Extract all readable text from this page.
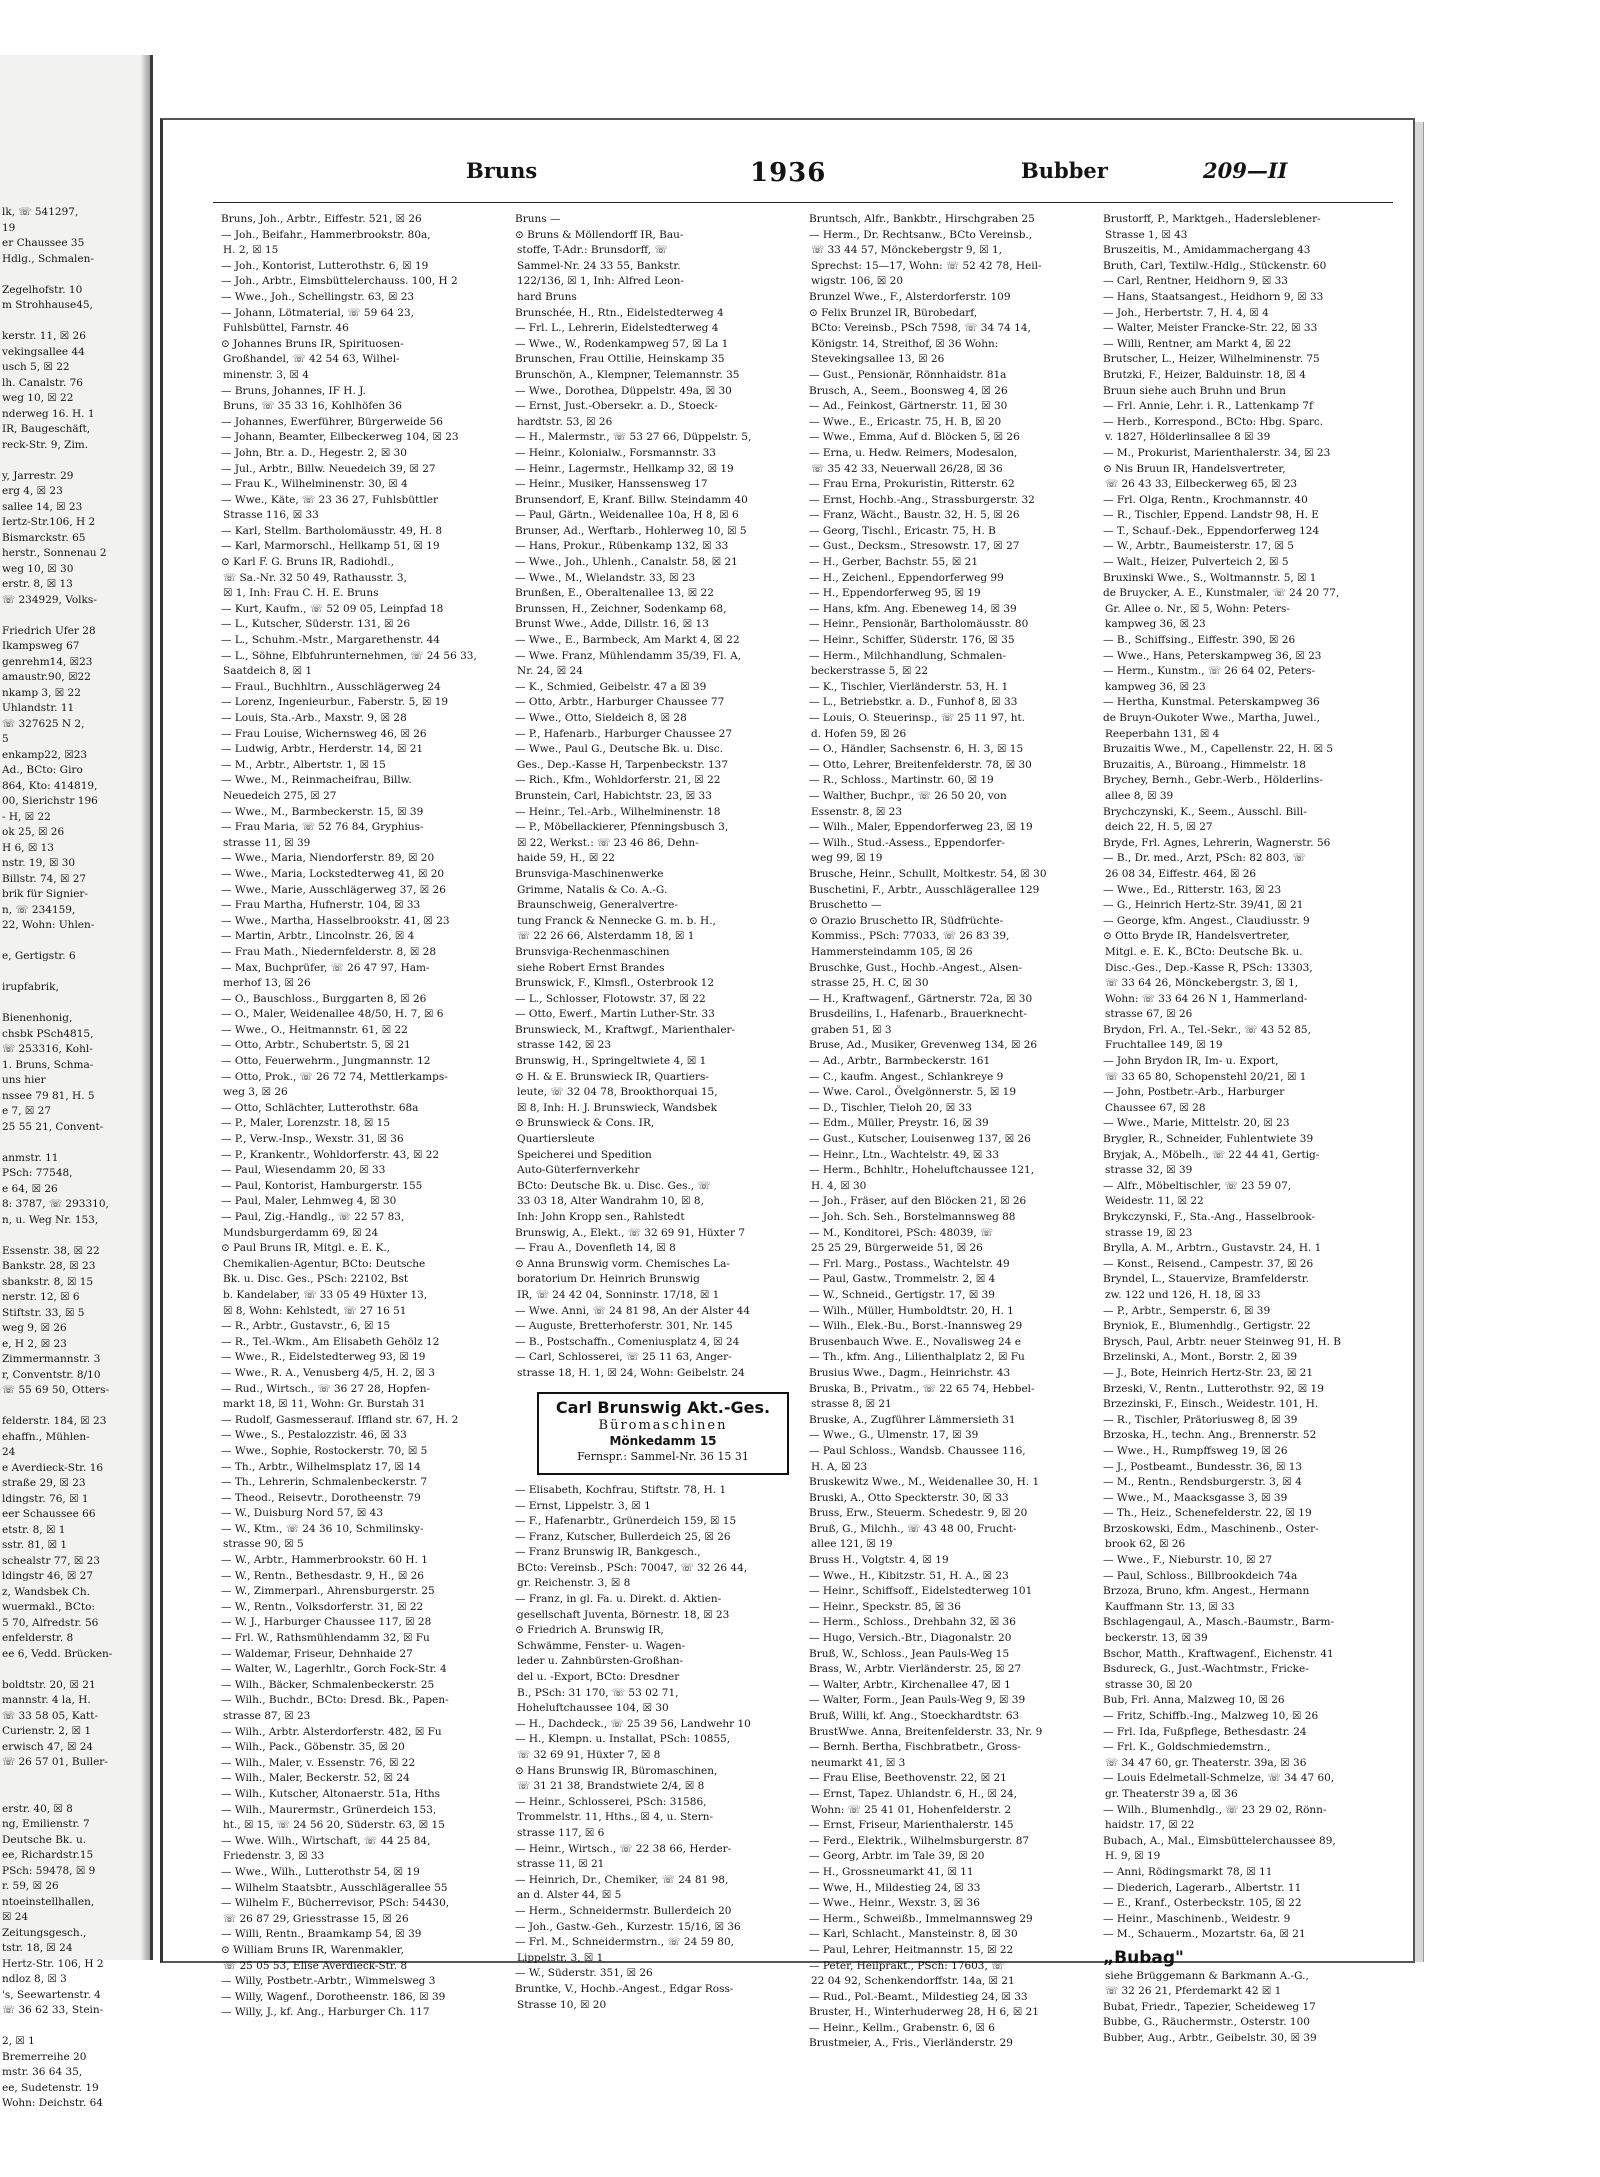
lk, ☏ 541297,
19
er Chaussee 35
Hdlg., Schmalen-

Zegelhofstr. 10
m Strohhause45,

kerstr. 11, ☒ 26
vekingsallee 44
usch 5, ☒ 22
lh. Canalstr. 76
weg 10, ☒ 22
nderweg 16. H. 1
IR, Baugeschäft,
reck-Str. 9, Zim.

y, Jarrestr. 29
erg 4, ☒ 23
sallee 14, ☒ 23
Iertz-Str.106, H 2
Bismarckstr. 65
herstr., Sonnenau 2
weg 10, ☒ 30
erstr. 8, ☒ 13
☏ 234929, Volks-

Friedrich Ufer 28
Ikampsweg 67
genrehm14, ☒23
amaustr.90, ☒22
nkamp 3, ☒ 22
Uhlandstr. 11
☏ 327625 N 2,
5
enkamp22, ☒23
Ad., BCto: Giro
864, Kto: 414819,
00, Sierichstr 196
- H, ☒ 22
ok 25, ☒ 26
H 6, ☒ 13
nstr. 19, ☒ 30
Billstr. 74, ☒ 27
brik für Signier-
n, ☏ 234159,
22, Wohn: Uhlen-

e, Gertigstr. 6

irupfabrik,

Bienenhonig,
chsbk PSch4815,
☏ 253316, Kohl-
1. Bruns, Schma-
uns hier
nssee 79 81, H. 5
e 7, ☒ 27
25 55 21, Convent-

anmstr. 11
PSch: 77548,
e 64, ☒ 26
8: 3787, ☏ 293310,
n, u. Weg Nr. 153,

Essenstr. 38, ☒ 22
Bankstr. 28, ☒ 23
sbankstr. 8, ☒ 15
nerstr. 12, ☒ 6
Stiftstr. 33, ☒ 5
weg 9, ☒ 26
e, H 2, ☒ 23
Zimmermannstr. 3
r, Conventstr. 8/10
☏ 55 69 50, Otters-

felderstr. 184, ☒ 23
ehaffn., Mühlen-
24
e Averdieck-Str. 16
straße 29, ☒ 23
ldingstr. 76, ☒ 1
eer Schaussee 66
etstr. 8, ☒ 1
sstr. 81, ☒ 1
schealstr 77, ☒ 23
ldingstr 46, ☒ 27
z, Wandsbek Ch.
wuermakl., BCto:
5 70, Alfredstr. 56
enfelderstr. 8
ee 6, Vedd. Brücken-

boldtstr. 20, ☒ 21
mannstr. 4 la, H.
☏ 33 58 05, Katt-
Curienstr. 2, ☒ 1
erwisch 47, ☒ 24
☏ 26 57 01, Buller-

erstr. 40, ☒ 8
ng, Emilienstr. 7
Deutsche Bk. u.
ee, Richardstr.15
PSch: 59478, ☒ 9
r. 59, ☒ 26
ntoeinstellhallen,
☒ 24
Zeitungsgesch.,
tstr. 18, ☒ 24
Hertz-Str. 106, H 2
ndloz 8, ☒ 3
's, Seewartenstr. 4
☏ 36 62 33, Stein-

2, ☒ 1
Bremerreihe 20
mstr. 36 64 35,
ee, Sudetenstr. 19
Wohn: Deichstr. 64
Bruns	1936	Bubber	209—II

Bruns, Joh., Arbtr., Eiffestr. 521, ☒ 26

— Joh., Beifahr., Hammerbrookstr. 80a,

H. 2, ☒ 15

— Joh., Kontorist, Lutterothstr. 6, ☒ 19

— Joh., Arbtr., Eimsbüttelerchauss. 100, H 2

— Wwe., Joh., Schellingstr. 63, ☒ 23

— Johann, Lötmaterial, ☏ 59 64 23,

Fuhlsbüttel, Farnstr. 46

⊙ Johannes Bruns IR, Spirituosen-

Großhandel, ☏ 42 54 63, Wilhel-

minenstr. 3, ☒ 4

— Bruns, Johannes, IF H. J.

Bruns, ☏ 35 33 16, Kohlhöfen 36

— Johannes, Ewerführer, Bürgerweide 56

— Johann, Beamter, Eilbeckerweg 104, ☒ 23

— John, Btr. a. D., Hegestr. 2, ☒ 30

— Jul., Arbtr., Billw. Neuedeich 39, ☒ 27

— Frau K., Wilhelminenstr. 30, ☒ 4

— Wwe., Käte, ☏ 23 36 27, Fuhlsbüttler

Strasse 116, ☒ 33

— Karl, Stellm. Bartholomäusstr. 49, H. 8

— Karl, Marmorschl., Hellkamp 51, ☒ 19

⊙ Karl F. G. Bruns IR, Radiohdl.,

☏ Sa.-Nr. 32 50 49, Rathausstr. 3,

☒ 1, Inh: Frau C. H. E. Bruns

— Kurt, Kaufm., ☏ 52 09 05, Leinpfad 18

— L., Kutscher, Süderstr. 131, ☒ 26

— L., Schuhm.-Mstr., Margarethenstr. 44

— L., Söhne, Elbfuhrunternehmen, ☏ 24 56 33,

Saatdeich 8, ☒ 1

— Fraul., Buchhltrn., Ausschlägerweg 24

— Lorenz, Ingenieurbur., Faberstr. 5, ☒ 19

— Louis, Sta.-Arb., Maxstr. 9, ☒ 28

— Frau Louise, Wichernsweg 46, ☒ 26

— Ludwig, Arbtr., Herderstr. 14, ☒ 21

— M., Arbtr., Albertstr. 1, ☒ 15

— Wwe., M., Reinmacheifrau, Billw.

Neuedeich 275, ☒ 27

— Wwe., M., Barmbeckerstr. 15, ☒ 39

— Frau Maria, ☏ 52 76 84, Gryphius-

strasse 11, ☒ 39

— Wwe., Maria, Niendorferstr. 89, ☒ 20

— Wwe., Maria, Lockstedterweg 41, ☒ 20

— Wwe., Marie, Ausschlägerweg 37, ☒ 26

— Frau Martha, Hufnerstr. 104, ☒ 33

— Wwe., Martha, Hasselbrookstr. 41, ☒ 23

— Martin, Arbtr., Lincolnstr. 26, ☒ 4

— Frau Math., Niedernfelderstr. 8, ☒ 28

— Max, Buchprüfer, ☏ 26 47 97, Ham-

merhof 13, ☒ 26

— O., Bauschloss., Burggarten 8, ☒ 26

— O., Maler, Weidenallee 48/50, H. 7, ☒ 6

— Wwe., O., Heitmannstr. 61, ☒ 22

— Otto, Arbtr., Schubertstr. 5, ☒ 21

— Otto, Feuerwehrm., Jungmannstr. 12

— Otto, Prok., ☏ 26 72 74, Mettlerkamps-

weg 3, ☒ 26

— Otto, Schlächter, Lutterothstr. 68a

— P., Maler, Lorenzstr. 18, ☒ 15

— P., Verw.-Insp., Wexstr. 31, ☒ 36

— P., Krankentr., Wohldorferstr. 43, ☒ 22

— Paul, Wiesendamm 20, ☒ 33

— Paul, Kontorist, Hamburgerstr. 155

— Paul, Maler, Lehmweg 4, ☒ 30

— Paul, Zig.-Handlg., ☏ 22 57 83,

Mundsburgerdamm 69, ☒ 24

⊙ Paul Bruns IR, Mitgl. e. E. K.,

Chemikalien-Agentur, BCto: Deutsche

Bk. u. Disc. Ges., PSch: 22102, Bst

b. Kandelaber, ☏ 33 05 49 Hüxter 13,

☒ 8, Wohn: Kehlstedt, ☏ 27 16 51

— R., Arbtr., Gustavstr., 6, ☒ 15

— R., Tel.-Wkm., Am Elisabeth Gehölz 12

— Wwe., R., Eidelstedterweg 93, ☒ 19

— Wwe., R. A., Venusberg 4/5, H. 2, ☒ 3

— Rud., Wirtsch., ☏ 36 27 28, Hopfen-

markt 18, ☒ 11, Wohn: Gr. Burstah 31

— Rudolf, Gasmesserauf. Iffland str. 67, H. 2

— Wwe., S., Pestalozzistr. 46, ☒ 33

— Wwe., Sophie, Rostockerstr. 70, ☒ 5

— Th., Arbtr., Wilhelmsplatz 17, ☒ 14

— Th., Lehrerin, Schmalenbeckerstr. 7

— Theod., Reisevtr., Dorotheenstr. 79

— W., Duisburg Nord 57, ☒ 43

— W., Ktm., ☏ 24 36 10, Schmilinsky-

strasse 90, ☒ 5

— W., Arbtr., Hammerbrookstr. 60 H. 1

— W., Rentn., Bethesdastr. 9, H., ☒ 26

— W., Zimmerparl., Ahrensburgerstr. 25

— W., Rentn., Volksdorferstr. 31, ☒ 22

— W. J., Harburger Chaussee 117, ☒ 28

— Frl. W., Rathsmühlendamm 32, ☒ Fu

— Waldemar, Friseur, Dehnhaide 27

— Walter, W., Lagerhltr., Gorch Fock-Str. 4

— Wilh., Bäcker, Schmalenbeckerstr. 25

— Wilh., Buchdr., BCto: Dresd. Bk., Papen-

strasse 87, ☒ 23

— Wilh., Arbtr. Alsterdorferstr. 482, ☒ Fu

— Wilh., Pack., Göbenstr. 35, ☒ 20

— Wilh., Maler, v. Essenstr. 76, ☒ 22

— Wilh., Maler, Beckerstr. 52, ☒ 24

— Wilh., Kutscher, Altonaerstr. 51a, Hths

— Wilh., Maurermstr., Grünerdeich 153,

ht., ☒ 15, ☏ 24 56 20, Süderstr. 63, ☒ 15

— Wwe. Wilh., Wirtschaft, ☏ 44 25 84,

Friedenstr. 3, ☒ 33

— Wwe., Wilh., Lutterothstr 54, ☒ 19

— Wilhelm Staatsbtr., Ausschlägerallee 55

— Wilhelm F., Bücherrevisor, PSch: 54430,

☏ 26 87 29, Griesstrasse 15, ☒ 26

— Willi, Rentn., Braamkamp 54, ☒ 39

⊙ William Bruns IR, Warenmakler,

☏ 25 05 53, Elise Averdieck-Str. 8

— Willy, Postbetr.-Arbtr., Wimmelsweg 3

— Willy, Wagenf., Dorotheenstr. 186, ☒ 39

— Willy, J., kf. Ang., Harburger Ch. 117

Bruns —

⊙ Bruns & Möllendorff IR, Bau-

stoffe, T-Adr.: Brunsdorff, ☏

Sammel-Nr. 24 33 55, Bankstr.

122/136, ☒ 1, Inh: Alfred Leon-

hard Bruns

Brunschée, H., Rtn., Eidelstedterweg 4

— Frl. L., Lehrerin, Eidelstedterweg 4

— Wwe., W., Rodenkampweg 57, ☒ La 1

Brunschen, Frau Ottilie, Heinskamp 35

Brunschön, A., Klempner, Telemannstr. 35

— Wwe., Dorothea, Düppelstr. 49a, ☒ 30

— Ernst, Just.-Obersekr. a. D., Stoeck-

hardtstr. 53, ☒ 26

— H., Malermstr., ☏ 53 27 66, Düppelstr. 5,

— Heinr., Kolonialw., Forsmannstr. 33

— Heinr., Lagermstr., Hellkamp 32, ☒ 19

— Heinr., Musiker, Hanssensweg 17

Brunsendorf, E, Kranf. Billw. Steindamm 40

— Paul, Gärtn., Weidenallee 10a, H 8, ☒ 6

Brunser, Ad., Werftarb., Hohlerweg 10, ☒ 5

— Hans, Prokur., Rübenkamp 132, ☒ 33

— Wwe., Joh., Uhlenh., Canalstr. 58, ☒ 21

— Wwe., M., Wielandstr. 33, ☒ 23

Brunßen, E., Oberaltenallee 13, ☒ 22

Brunssen, H., Zeichner, Sodenkamp 68,

Brunst Wwe., Adde, Dillstr. 16, ☒ 13

— Wwe., E., Barmbeck, Am Markt 4, ☒ 22

— Wwe. Franz, Mühlendamm 35/39, Fl. A,

Nr. 24, ☒ 24

— K., Schmied, Geibelstr. 47 a ☒ 39

— Otto, Arbtr., Harburger Chaussee 77

— Wwe., Otto, Sieldeich 8, ☒ 28

— P., Hafenarb., Harburger Chaussee 27

— Wwe., Paul G., Deutsche Bk. u. Disc.

Ges., Dep.-Kasse H, Tarpenbeckstr. 137

— Rich., Kfm., Wohldorferstr. 21, ☒ 22

Brunstein, Carl, Habichtstr. 23, ☒ 33

— Heinr., Tel.-Arb., Wilhelminenstr. 18

— P., Möbellackierer, Pfenningsbusch 3,

☒ 22, Werkst.: ☏ 23 46 86, Dehn-

haide 59, H., ☒ 22

Brunsviga-Maschinenwerke

Grimme, Natalis & Co. A.-G.

Braunschweig, Generalvertre-

tung Franck & Nennecke G. m. b. H.,

☏ 22 26 66, Alsterdamm 18, ☒ 1

Brunsviga-Rechenmaschinen

siehe Robert Ernst Brandes

Brunswick, F., Klmsfl., Osterbrook 12

— L., Schlosser, Flotowstr. 37, ☒ 22

— Otto, Ewerf., Martin Luther-Str. 33

Brunswieck, M., Kraftwgf., Marienthaler-

strasse 142, ☒ 23

Brunswig, H., Springeltwiete 4, ☒ 1

⊙ H. & E. Brunswieck IR, Quartiers-

leute, ☏ 32 04 78, Brookthorquai 15,

☒ 8, Inh: H. J. Brunswieck, Wandsbek

⊙ Brunswieck & Cons. IR,

Quartiersleute

Speicherei und Spedition

Auto-Güterfernverkehr

BCto: Deutsche Bk. u. Disc. Ges., ☏

33 03 18, Alter Wandrahm 10, ☒ 8,

Inh: John Kropp sen., Rahlstedt

Brunswig, A., Elekt., ☏ 32 69 91, Hüxter 7

— Frau A., Dovenfleth 14, ☒ 8

⊙ Anna Brunswig vorm. Chemisches La-

boratorium Dr. Heinrich Brunswig

IR, ☏ 24 42 04, Sonninstr. 17/18, ☒ 1

— Wwe. Anni, ☏ 24 81 98, An der Alster 44

— Auguste, Bretterhoferstr. 301, Nr. 145

— B., Postschaffn., Comeniusplatz 4, ☒ 24

— Carl, Schlosserei, ☏ 25 11 63, Anger-

strasse 18, H. 1, ☒ 24, Wohn: Geibelstr. 24

Carl Brunswig Akt.-Ges.
Büromaschinen
Mönkedamm 15
Fernspr.: Sammel-Nr. 36 15 31

— Elisabeth, Kochfrau, Stiftstr. 78, H. 1

— Ernst, Lippelstr. 3, ☒ 1

— F., Hafenarbtr., Grünerdeich 159, ☒ 15

— Franz, Kutscher, Bullerdeich 25, ☒ 26

— Franz Brunswig IR, Bankgesch.,

BCto: Vereinsb., PSch: 70047, ☏ 32 26 44,

gr. Reichenstr. 3, ☒ 8

— Franz, in gl. Fa. u. Direkt. d. Aktien-

gesellschaft Juventa, Börnestr. 18, ☒ 23

⊙ Friedrich A. Brunswig IR,

Schwämme, Fenster- u. Wagen-

leder u. Zahnbürsten-Großhan-

del u. -Export, BCto: Dresdner

B., PSch: 31 170, ☏ 53 02 71,

Hoheluftchaussee 104, ☒ 30

— H., Dachdeck., ☏ 25 39 56, Landwehr 10

— H., Klempn. u. Installat, PSch: 10855,

☏ 32 69 91, Hüxter 7, ☒ 8

⊙ Hans Brunswig IR, Büromaschinen,

☏ 31 21 38, Brandstwiete 2/4, ☒ 8

— Heinr., Schlosserei, PSch: 31586,

Trommelstr. 11, Hths., ☒ 4, u. Stern-

strasse 117, ☒ 6

— Heinr., Wirtsch., ☏ 22 38 66, Herder-

strasse 11, ☒ 21

— Heinrich, Dr., Chemiker, ☏ 24 81 98,

an d. Alster 44, ☒ 5

— Herm., Schneidermstr. Bullerdeich 20

— Joh., Gastw.-Geh., Kurzestr. 15/16, ☒ 36

— Frl. M., Schneidermstrn., ☏ 24 59 80,

Lippelstr. 3, ☒ 1

— W., Süderstr. 351, ☒ 26

Bruntke, V., Hochb.-Angest., Edgar Ross-

Strasse 10, ☒ 20

Bruntsch, Alfr., Bankbtr., Hirschgraben 25

— Herm., Dr. Rechtsanw., BCto Vereinsb.,

☏ 33 44 57, Mönckebergstr 9, ☒ 1,

Sprechst: 15—17, Wohn: ☏ 52 42 78, Heil-

wigstr. 106, ☒ 20

Brunzel Wwe., F., Alsterdorferstr. 109

⊙ Felix Brunzel IR, Bürobedarf,

BCto: Vereinsb., PSch 7598, ☏ 34 74 14,

Königstr. 14, Streithof, ☒ 36 Wohn:

Stevekingsallee 13, ☒ 26

— Gust., Pensionär, Rönnhaidstr. 81a

Brusch, A., Seem., Boonsweg 4, ☒ 26

— Ad., Feinkost, Gärtnerstr. 11, ☒ 30

— Wwe., E., Ericastr. 75, H. B, ☒ 20

— Wwe., Emma, Auf d. Blöcken 5, ☒ 26

— Erna, u. Hedw. Reimers, Modesalon,

☏ 35 42 33, Neuerwall 26/28, ☒ 36

— Frau Erna, Prokuristin, Ritterstr. 62

— Ernst, Hochb.-Ang., Strassburgerstr. 32

— Franz, Wächt., Baustr. 32, H. 5, ☒ 26

— Georg, Tischl., Ericastr. 75, H. B

— Gust., Decksm., Stresowstr. 17, ☒ 27

— H., Gerber, Bachstr. 55, ☒ 21

— H., Zeichenl., Eppendorferweg 99

— H., Eppendorferweg 95, ☒ 19

— Hans, kfm. Ang. Ebeneweg 14, ☒ 39

— Heinr., Pensionär, Bartholomäusstr. 80

— Heinr., Schiffer, Süderstr. 176, ☒ 35

— Herm., Milchhandlung, Schmalen-

beckerstrasse 5, ☒ 22

— K., Tischler, Vierländerstr. 53, H. 1

— L., Betriebstkr. a. D., Funhof 8, ☒ 33

— Louis, O. Steuerinsp., ☏ 25 11 97, ht.

d. Hofen 59, ☒ 26

— O., Händler, Sachsenstr. 6, H. 3, ☒ 15

— Otto, Lehrer, Breitenfelderstr. 78, ☒ 30

— R., Schloss., Martinstr. 60, ☒ 19

— Walther, Buchpr., ☏ 26 50 20, von

Essenstr. 8, ☒ 23

— Wilh., Maler, Eppendorferweg 23, ☒ 19

— Wilh., Stud.-Assess., Eppendorfer-

weg 99, ☒ 19

Brusche, Heinr., Schullt, Moltkestr. 54, ☒ 30

Buschetini, F., Arbtr., Ausschlägerallee 129

Bruschetto —

⊙ Orazio Bruschetto IR, Südfrüchte-

Kommiss., PSch: 77033, ☏ 26 83 39,

Hammersteindamm 105, ☒ 26

Bruschke, Gust., Hochb.-Angest., Alsen-

strasse 25, H. C, ☒ 30

— H., Kraftwagenf., Gärtnerstr. 72a, ☒ 30

Brusdeilins, I., Hafenarb., Brauerknecht-

graben 51, ☒ 3

Bruse, Ad., Musiker, Grevenweg 134, ☒ 26

— Ad., Arbtr., Barmbeckerstr. 161

— C., kaufm. Angest., Schlankreye 9

— Wwe. Carol., Övelgönnerstr. 5, ☒ 19

— D., Tischler, Tieloh 20, ☒ 33

— Edm., Müller, Preystr. 16, ☒ 39

— Gust., Kutscher, Louisenweg 137, ☒ 26

— Heinr., Ltn., Wachtelstr. 49, ☒ 33

— Herm., Bchhltr., Hoheluftchaussee 121,

H. 4, ☒ 30

— Joh., Fräser, auf den Blöcken 21, ☒ 26

— Joh. Sch. Seh., Borstelmannsweg 88

— M., Konditorei, PSch: 48039, ☏

25 25 29, Bürgerweide 51, ☒ 26

— Frl. Marg., Postass., Wachtelstr. 49

— Paul, Gastw., Trommelstr. 2, ☒ 4

— W., Schneid., Gertigstr. 17, ☒ 39

— Wilh., Müller, Humboldtstr. 20, H. 1

— Wilh., Elek.-Bu., Borst.-Inannsweg 29

Brusenbauch Wwe. E., Novalisweg 24 e

— Th., kfm. Ang., Lilienthalplatz 2, ☒ Fu

Brusius Wwe., Dagm., Heinrichstr. 43

Bruska, B., Privatm., ☏ 22 65 74, Hebbel-

strasse 8, ☒ 21

Bruske, A., Zugführer Lämmersieth 31

— Wwe., G., Ulmenstr. 17, ☒ 39

— Paul Schloss., Wandsb. Chaussee 116,

H. A, ☒ 23

Bruskewitz Wwe., M., Weidenallee 30, H. 1

Bruski, A., Otto Speckterstr. 30, ☒ 33

Bruss, Erw., Steuerm. Schedestr. 9, ☒ 20

Bruß, G., Milchh., ☏ 43 48 00, Frucht-

allee 121, ☒ 19

Bruss H., Volgtstr. 4, ☒ 19

— Wwe., H., Kibitzstr. 51, H. A., ☒ 23

— Heinr., Schiffsoff., Eidelstedterweg 101

— Heinr., Speckstr. 85, ☒ 36

— Herm., Schloss., Drehbahn 32, ☒ 36

— Hugo, Versich.-Btr., Diagonalstr. 20

Bruß, W., Schloss., Jean Pauls-Weg 15

Brass, W., Arbtr. Vierländerstr. 25, ☒ 27

— Walter, Arbtr., Kirchenallee 47, ☒ 1

— Walter, Form., Jean Pauls-Weg 9, ☒ 39

Bruß, Willi, kf. Ang., Stoeckhardtstr. 63

BrustWwe. Anna, Breitenfelderstr. 33, Nr. 9

— Bernh. Bertha, Fischbratbetr., Gross-

neumarkt 41, ☒ 3

— Frau Elise, Beethovenstr. 22, ☒ 21

— Ernst, Tapez. Uhlandstr. 6, H., ☒ 24,

Wohn: ☏ 25 41 01, Hohenfelderstr. 2

— Ernst, Friseur, Marienthalerstr. 145

— Ferd., Elektrik., Wilhelmsburgerstr. 87

— Georg, Arbtr. im Tale 39, ☒ 20

— H., Grossneumarkt 41, ☒ 11

— Wwe, H., Mildestieg 24, ☒ 33

— Wwe., Heinr., Wexstr. 3, ☒ 36

— Herm., Schweißb., Immelmannsweg 29

— Karl, Schlacht., Mansteinstr. 8, ☒ 30

— Paul, Lehrer, Heitmannstr. 15, ☒ 22

— Peter, Heilprakt., PSch: 17603, ☏

22 04 92, Schenkendorffstr. 14a, ☒ 21

— Rud., Pol.-Beamt., Mildestieg 24, ☒ 33

Bruster, H., Winterhuderweg 28, H 6, ☒ 21

— Heinr., Kellm., Grabenstr. 6, ☒ 6

Brustmeier, A., Fris., Vierländerstr. 29

Brustorff, P., Marktgeh., Hadersleblener-

Strasse 1, ☒ 43

Bruszeitis, M., Amidammachergang 43

Bruth, Carl, Textilw.-Hdlg., Stückenstr. 60

— Carl, Rentner, Heidhorn 9, ☒ 33

— Hans, Staatsangest., Heidhorn 9, ☒ 33

— Joh., Herbertstr. 7, H. 4, ☒ 4

— Walter, Meister Francke-Str. 22, ☒ 33

— Willi, Rentner, am Markt 4, ☒ 22

Brutscher, L., Heizer, Wilhelminenstr. 75

Brutzki, F., Heizer, Balduinstr. 18, ☒ 4

Bruun siehe auch Bruhn und Brun

— Frl. Annie, Lehr. i. R., Lattenkamp 7f

— Herb., Korrespond., BCto: Hbg. Sparc.

v. 1827, Hölderlinsallee 8 ☒ 39

— M., Prokurist, Marienthalerstr. 34, ☒ 23

⊙ Nis Bruun IR, Handelsvertreter,

☏ 26 43 33, Eilbeckerweg 65, ☒ 23

— Frl. Olga, Rentn., Krochmannstr. 40

— R., Tischler, Eppend. Landstr 98, H. E

— T., Schauf.-Dek., Eppendorferweg 124

— W., Arbtr., Baumeisterstr. 17, ☒ 5

— Walt., Heizer, Pulverteich 2, ☒ 5

Bruxinski Wwe., S., Woltmannstr. 5, ☒ 1

de Bruycker, A. E., Kunstmaler, ☏ 24 20 77,

Gr. Allee o. Nr., ☒ 5, Wohn: Peters-

kampweg 36, ☒ 23

— B., Schiffsing., Eiffestr. 390, ☒ 26

— Wwe., Hans, Peterskampweg 36, ☒ 23

— Herm., Kunstm., ☏ 26 64 02, Peters-

kampweg 36, ☒ 23

— Hertha, Kunstmal. Peterskampweg 36

de Bruyn-Oukoter Wwe., Martha, Juwel.,

Reeperbahn 131, ☒ 4

Bruzaitis Wwe., M., Capellenstr. 22, H. ☒ 5

Bruzaitis, A., Büroang., Himmelstr. 18

Brychey, Bernh., Gebr.-Werb., Hölderlins-

allee 8, ☒ 39

Brychczynski, K., Seem., Ausschl. Bill-

deich 22, H. 5, ☒ 27

Bryde, Frl. Agnes, Lehrerin, Wagnerstr. 56

— B., Dr. med., Arzt, PSch: 82 803, ☏

26 08 34, Eiffestr. 464, ☒ 26

— Wwe., Ed., Ritterstr. 163, ☒ 23

— G., Heinrich Hertz-Str. 39/41, ☒ 21

— George, kfm. Angest., Claudiusstr. 9

⊙ Otto Bryde IR, Handelsvertreter,

Mitgl. e. E. K., BCto: Deutsche Bk. u.

Disc.-Ges., Dep.-Kasse R, PSch: 13303,

☏ 33 64 26, Mönckebergstr. 3, ☒ 1,

Wohn: ☏ 33 64 26 N 1, Hammerland-

strasse 67, ☒ 26

Brydon, Frl. A., Tel.-Sekr., ☏ 43 52 85,

Fruchtallee 149, ☒ 19

— John Brydon IR, Im- u. Export,

☏ 33 65 80, Schopenstehl 20/21, ☒ 1

— John, Postbetr.-Arb., Harburger

Chaussee 67, ☒ 28

— Wwe., Marie, Mittelstr. 20, ☒ 23

Brygler, R., Schneider, Fuhlentwiete 39

Bryjak, A., Möbelh., ☏ 22 44 41, Gertig-

strasse 32, ☒ 39

— Alfr., Möbeltischler, ☏ 23 59 07,

Weidestr. 11, ☒ 22

Brykczynski, F., Sta.-Ang., Hasselbrook-

strasse 19, ☒ 23

Brylla, A. M., Arbtrn., Gustavstr. 24, H. 1

— Konst., Reisend., Campestr. 37, ☒ 26

Bryndel, L., Stauervize, Bramfelderstr.

zw. 122 und 126, H. 18, ☒ 33

— P., Arbtr., Semperstr. 6, ☒ 39

Bryniok, E., Blumenhdlg., Gertigstr. 22

Brysch, Paul, Arbtr. neuer Steinweg 91, H. B

Brzelinski, A., Mont., Borstr. 2, ☒ 39

— J., Bote, Heinrich Hertz-Str. 23, ☒ 21

Brzeski, V., Rentn., Lutterothstr. 92, ☒ 19

Brzezinski, F., Einsch., Weidestr. 101, H.

— R., Tischler, Prätoriusweg 8, ☒ 39

Brzoska, H., techn. Ang., Brennerstr. 52

— Wwe., H., Rumpffsweg 19, ☒ 26

— J., Postbeamt., Bundesstr. 36, ☒ 13

— M., Rentn., Rendsburgerstr. 3, ☒ 4

— Wwe., M., Maacksgasse 3, ☒ 39

— Th., Heiz., Schenefelderstr. 22, ☒ 19

Brzoskowski, Edm., Maschinenb., Oster-

brook 62, ☒ 26

— Wwe., F., Nieburstr. 10, ☒ 27

— Paul, Schloss., Billbrookdeich 74a

Brzoza, Bruno, kfm. Angest., Hermann

Kauffmann Str. 13, ☒ 33

Bschlagengaul, A., Masch.-Baumstr., Barm-

beckerstr. 13, ☒ 39

Bschor, Matth., Kraftwagenf., Eichenstr. 41

Bsdureck, G., Just.-Wachtmstr., Fricke-

strasse 30, ☒ 20

Bub, Frl. Anna, Malzweg 10, ☒ 26

— Fritz, Schiffb.-Ing., Malzweg 10, ☒ 26

— Frl. Ida, Fußpflege, Bethesdastr. 24

— Frl. K., Goldschmiedemstrn.,

☏ 34 47 60, gr. Theaterstr. 39a, ☒ 36

— Louis Edelmetall-Schmelze, ☏ 34 47 60,

gr. Theaterstr 39 a, ☒ 36

— Wilh., Blumenhdlg., ☏ 23 29 02, Rönn-

haidstr. 17, ☒ 22

Bubach, A., Mal., Eimsbüttelerchaussee 89,

H. 9, ☒ 19

— Anni, Rödingsmarkt 78, ☒ 11

— Diederich, Lagerarb., Albertstr. 11

— E., Kranf., Osterbeckstr. 105, ☒ 22

— Heinr., Maschinenb., Weidestr. 9

— M., Schauerm., Mozartstr. 6a, ☒ 21

„Bubag"

siehe Brüggemann & Barkmann A.-G.,

☏ 32 26 21, Pferdemarkt 42 ☒ 1

Bubat, Friedr., Tapezier, Scheideweg 17

Bubbe, G., Räuchermstr., Osterstr. 100

Bubber, Aug., Arbtr., Geibelstr. 30, ☒ 39
